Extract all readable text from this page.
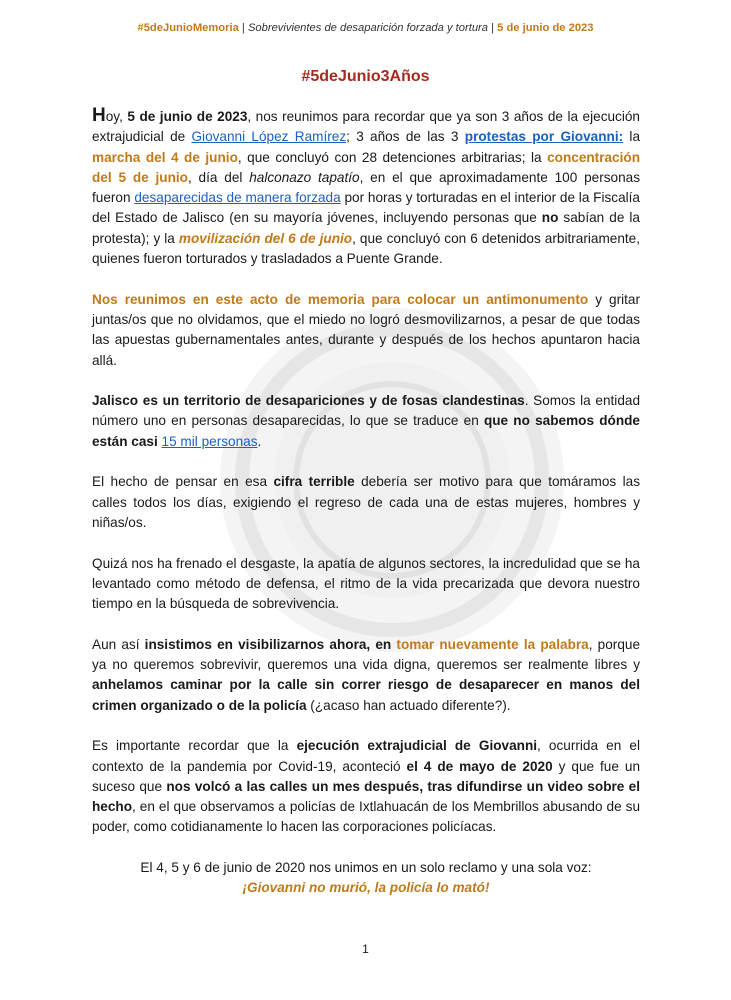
#5deJunioMemoria | Sobrevivientes de desaparición forzada y tortura | 5 de junio de 2023
#5deJunio3Años

Hoy, 5 de junio de 2023, nos reunimos para recordar que ya son 3 años de la ejecución extrajudicial de Giovanni López Ramírez; 3 años de las 3 protestas por Giovanni: la marcha del 4 de junio, que concluyó con 28 detenciones arbitrarias; la concentración del 5 de junio, día del halconazo tapatío, en el que aproximadamente 100 personas fueron desaparecidas de manera forzada por horas y torturadas en el interior de la Fiscalía del Estado de Jalisco (en su mayoría jóvenes, incluyendo personas que no sabían de la protesta); y la movilización del 6 de junio, que concluyó con 6 detenidos arbitrariamente, quienes fueron torturados y trasladados a Puente Grande.

Nos reunimos en este acto de memoria para colocar un antimonumento y gritar juntas/os que no olvidamos, que el miedo no logró desmovilizarnos, a pesar de que todas las apuestas gubernamentales antes, durante y después de los hechos apuntaron hacia allá.

Jalisco es un territorio de desapariciones y de fosas clandestinas. Somos la entidad número uno en personas desaparecidas, lo que se traduce en que no sabemos dónde están casi 15 mil personas.

El hecho de pensar en esa cifra terrible debería ser motivo para que tomáramos las calles todos los días, exigiendo el regreso de cada una de estas mujeres, hombres y niñas/os.

Quizá nos ha frenado el desgaste, la apatía de algunos sectores, la incredulidad que se ha levantado como método de defensa, el ritmo de la vida precarizada que devora nuestro tiempo en la búsqueda de sobrevivencia.

Aun así insistimos en visibilizarnos ahora, en tomar nuevamente la palabra, porque ya no queremos sobrevivir, queremos una vida digna, queremos ser realmente libres y anhelamos caminar por la calle sin correr riesgo de desaparecer en manos del crimen organizado o de la policía (¿acaso han actuado diferente?).

Es importante recordar que la ejecución extrajudicial de Giovanni, ocurrida en el contexto de la pandemia por Covid-19, aconteció el 4 de mayo de 2020 y que fue un suceso que nos volcó a las calles un mes después, tras difundirse un video sobre el hecho, en el que observamos a policías de Ixtlahuacán de los Membrillos abusando de su poder, como cotidianamente lo hacen las corporaciones policíacas.

El 4, 5 y 6 de junio de 2020 nos unimos en un solo reclamo y una sola voz:
¡Giovanni no murió, la policía lo mató!

1
